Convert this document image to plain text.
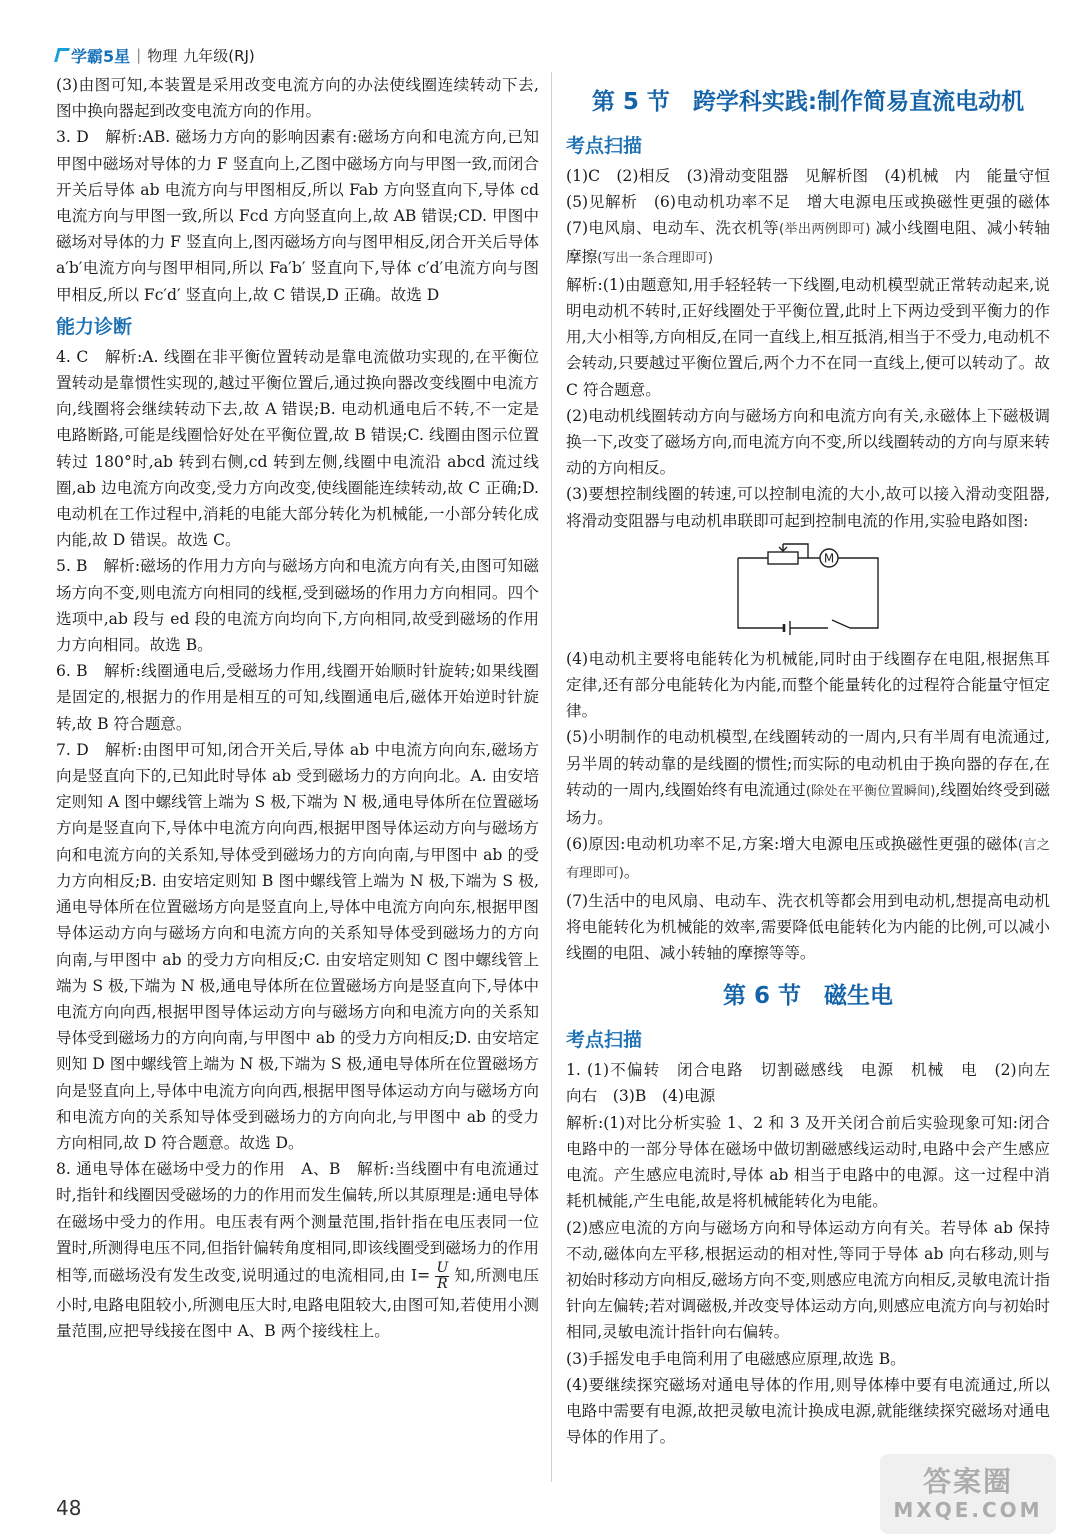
学霸5星 | 物理 九年级(RJ)

(3)由图可知,本装置是采用改变电流方向的办法使线圈连续转动下去,图中换向器起到改变电流方向的作用。

3. D　解析:AB. 磁场力方向的影响因素有:磁场方向和电流方向,已知甲图中磁场对导体的力 F 竖直向上,乙图中磁场方向与甲图一致,而闭合开关后导体 ab 电流方向与甲图相反,所以 Fab 方向竖直向下,导体 cd 电流方向与甲图一致,所以 Fcd 方向竖直向上,故 AB 错误;CD. 甲图中磁场对导体的力 F 竖直向上,图丙磁场方向与图甲相反,闭合开关后导体 a′b′电流方向与图甲相同,所以 Fa′b′ 竖直向下,导体 c′d′电流方向与图甲相反,所以 Fc′d′ 竖直向上,故 C 错误,D 正确。故选 D

能力诊断

4. C　解析:A. 线圈在非平衡位置转动是靠电流做功实现的,在平衡位置转动是靠惯性实现的,越过平衡位置后,通过换向器改变线圈中电流方向,线圈将会继续转动下去,故 A 错误;B. 电动机通电后不转,不一定是电路断路,可能是线圈恰好处在平衡位置,故 B 错误;C. 线圈由图示位置转过 180°时,ab 转到右侧,cd 转到左侧,线圈中电流沿 abcd 流过线圈,ab 边电流方向改变,受力方向改变,使线圈能连续转动,故 C 正确;D. 电动机在工作过程中,消耗的电能大部分转化为机械能,一小部分转化成内能,故 D 错误。故选 C。

5. B　解析:磁场的作用力方向与磁场方向和电流方向有关,由图可知磁场方向不变,则电流方向相同的线框,受到磁场的作用力方向相同。四个选项中,ab 段与 ed 段的电流方向均向下,方向相同,故受到磁场的作用力方向相同。故选 B。

6. B　解析:线圈通电后,受磁场力作用,线圈开始顺时针旋转;如果线圈是固定的,根据力的作用是相互的可知,线圈通电后,磁体开始逆时针旋转,故 B 符合题意。

7. D　解析:由图甲可知,闭合开关后,导体 ab 中电流方向向东,磁场方向是竖直向下的,已知此时导体 ab 受到磁场力的方向向北。A. 由安培定则知 A 图中螺线管上端为 S 极,下端为 N 极,通电导体所在位置磁场方向是竖直向下,导体中电流方向向西,根据甲图导体运动方向与磁场方向和电流方向的关系知,导体受到磁场力的方向向南,与甲图中 ab 的受力方向相反;B. 由安培定则知 B 图中螺线管上端为 N 极,下端为 S 极,通电导体所在位置磁场方向是竖直向上,导体中电流方向向东,根据甲图导体运动方向与磁场方向和电流方向的关系知导体受到磁场力的方向向南,与甲图中 ab 的受力方向相反;C. 由安培定则知 C 图中螺线管上端为 S 极,下端为 N 极,通电导体所在位置磁场方向是竖直向下,导体中电流方向向西,根据甲图导体运动方向与磁场方向和电流方向的关系知导体受到磁场力的方向向南,与甲图中 ab 的受力方向相反;D. 由安培定则知 D 图中螺线管上端为 N 极,下端为 S 极,通电导体所在位置磁场方向是竖直向上,导体中电流方向向西,根据甲图导体运动方向与磁场方向和电流方向的关系知导体受到磁场力的方向向北,与甲图中 ab 的受力方向相同,故 D 符合题意。故选 D。

8. 通电导体在磁场中受力的作用　A、B　解析:当线圈中有电流通过时,指针和线圈因受磁场的力的作用而发生偏转,所以其原理是:通电导体在磁场中受力的作用。电压表有两个测量范围,指针指在电压表同一位置时,所测得电压不同,但指针偏转角度相同,即该线圈受到磁场力的作用相等,而磁场没有发生改变,说明通过的电流相同,由 $I= \frac{U}{R}$ 知,所测电压小时,电路电阻较小,所测电压大时,电路电阻较大,由图可知,若使用小测量范围,应把导线接在图中 A、B 两个接线柱上。

第 5 节　跨学科实践:制作简易直流电动机
考点扫描

(1)C　(2)相反　(3)滑动变阻器　见解析图　(4)机械　内　能量守恒　(5)见解析　(6)电动机功率不足　增大电源电压或换磁性更强的磁体　(7)电风扇、电动车、洗衣机等(举出两例即可) 减小线圈电阻、减小转轴摩擦(写出一条合理即可)

解析:(1)由题意知,用手轻轻转一下线圈,电动机模型就正常转动起来,说明电动机不转时,正好线圈处于平衡位置,此时上下两边受到平衡力的作用,大小相等,方向相反,在同一直线上,相互抵消,相当于不受力,电动机不会转动,只要越过平衡位置后,两个力不在同一直线上,便可以转动了。故 C 符合题意。

(2)电动机线圈转动方向与磁场方向和电流方向有关,永磁体上下磁极调换一下,改变了磁场方向,而电流方向不变,所以线圈转动的方向与原来转动的方向相反。

(3)要想控制线圈的转速,可以控制电流的大小,故可以接入滑动变阻器,将滑动变阻器与电动机串联即可起到控制电流的作用,实验电路如图:

M

(4)电动机主要将电能转化为机械能,同时由于线圈存在电阻,根据焦耳定律,还有部分电能转化为内能,而整个能量转化的过程符合能量守恒定律。

(5)小明制作的电动机模型,在线圈转动的一周内,只有半周有电流通过,另半周的转动靠的是线圈的惯性;而实际的电动机由于换向器的存在,在转动的一周内,线圈始终有电流通过(除处在平衡位置瞬间),线圈始终受到磁场力。

(6)原因:电动机功率不足,方案:增大电源电压或换磁性更强的磁体(言之有理即可)。

(7)生活中的电风扇、电动车、洗衣机等都会用到电动机,想提高电动机将电能转化为机械能的效率,需要降低电能转化为内能的比例,可以减小线圈的电阻、减小转轴的摩擦等等。

第 6 节　磁生电
考点扫描

1. (1)不偏转　闭合电路　切割磁感线　电源　机械　电　(2)向左　向右　(3)B　(4)电源

解析:(1)对比分析实验 1、2 和 3 及开关闭合前后实验现象可知:闭合电路中的一部分导体在磁场中做切割磁感线运动时,电路中会产生感应电流。产生感应电流时,导体 ab 相当于电路中的电源。这一过程中消耗机械能,产生电能,故是将机械能转化为电能。

(2)感应电流的方向与磁场方向和导体运动方向有关。若导体 ab 保持不动,磁体向左平移,根据运动的相对性,等同于导体 ab 向右移动,则与初始时移动方向相反,磁场方向不变,则感应电流方向相反,灵敏电流计指针向左偏转;若对调磁极,并改变导体运动方向,则感应电流方向与初始时相同,灵敏电流计指针向右偏转。

(3)手摇发电手电筒利用了电磁感应原理,故选 B。

(4)要继续探究磁场对通电导体的作用,则导体棒中要有电流通过,所以电路中需要有电源,故把灵敏电流计换成电源,就能继续探究磁场对通电导体的作用了。

48
答案圈
MXQE.COM
